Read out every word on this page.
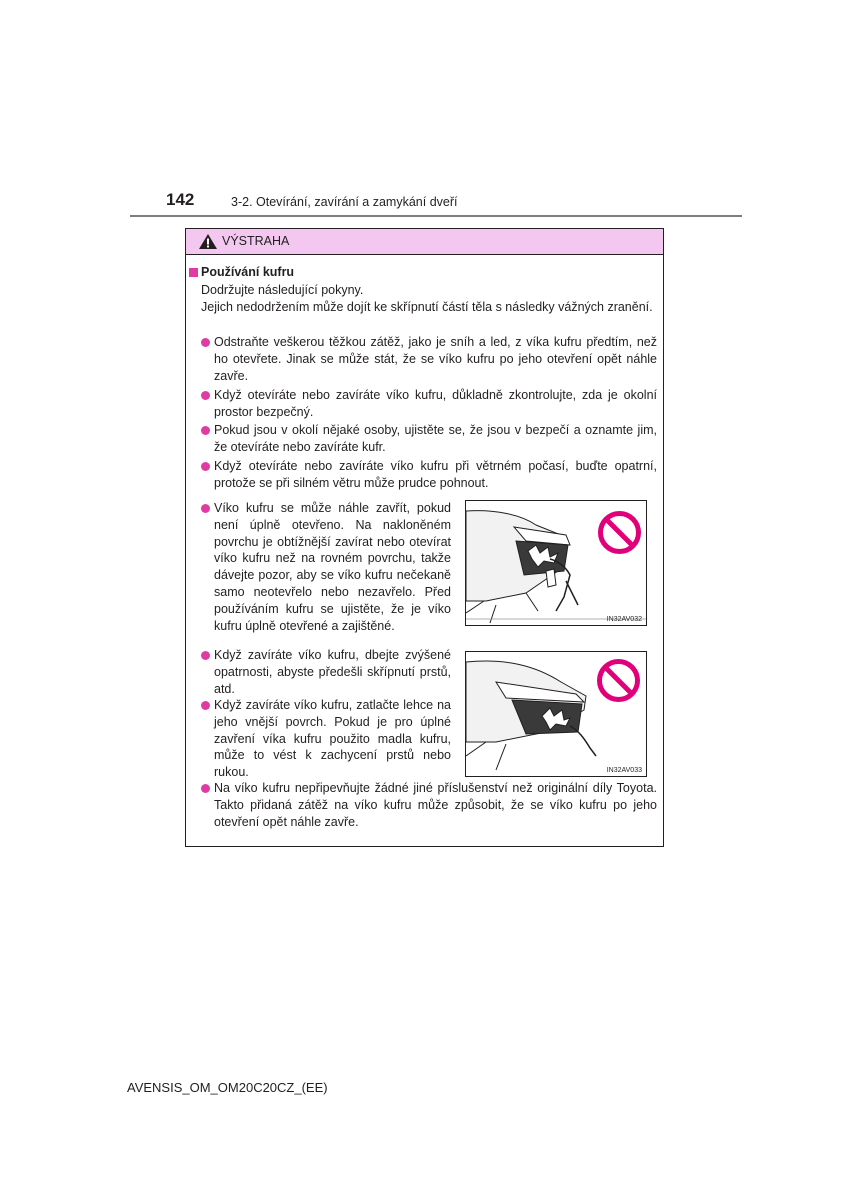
142	3-2. Otevírání, zavírání a zamykání dveří
VÝSTRAHA
Používání kufru
Dodržujte následující pokyny.
Jejich nedodržením může dojít ke skřípnutí částí těla s následky vážných zranění.
Odstraňte veškerou těžkou zátěž, jako je sníh a led, z víka kufru předtím, než ho otevřete. Jinak se může stát, že se víko kufru po jeho otevření opět náhle zavře.
Když otevíráte nebo zavíráte víko kufru, důkladně zkontrolujte, zda je okolní prostor bezpečný.
Pokud jsou v okolí nějaké osoby, ujistěte se, že jsou v bezpečí a oznamte jim, že otevíráte nebo zavíráte kufr.
Když otevíráte nebo zavíráte víko kufru při větrném počasí, buďte opatrní, protože se při silném větru může prudce pohnout.
Víko kufru se může náhle zavřít, pokud není úplně otevřeno. Na nakloněném povrchu je obtížnější zavírat nebo otevírat víko kufru než na rovném povrchu, takže dávejte pozor, aby se víko kufru nečekaně samo neotevřelo nebo nezavřelo. Před používáním kufru se ujistěte, že je víko kufru úplně otevřené a zajištěné.
Když zavíráte víko kufru, dbejte zvýšené opatrnosti, abyste předešli skřípnutí prstů, atd.
Když zavíráte víko kufru, zatlačte lehce na jeho vnější povrch. Pokud je pro úplné zavření víka kufru použito madla kufru, může to vést k zachycení prstů nebo rukou.
Na víko kufru nepřipevňujte žádné jiné příslušenství než originální díly Toyota. Takto přidaná zátěž na víko kufru může způsobit, že se víko kufru po jeho otevření opět náhle zavře.
IN32AV032
IN32AV033
AVENSIS_OM_OM20C20CZ_(EE)
